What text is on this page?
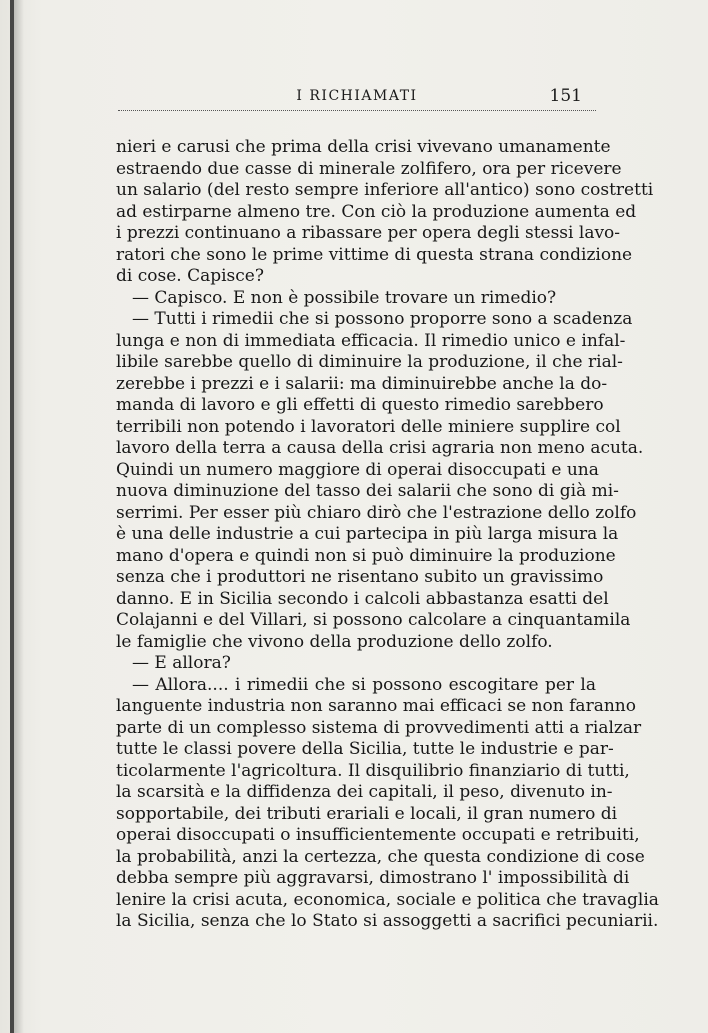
I RICHIAMATI	151
nieri e carusi che prima della crisi vivevano umanamente
estraendo due casse di minerale zolfifero, ora per ricevere
un salario (del resto sempre inferiore all'antico) sono costretti
ad estirparne almeno tre. Con ciò la produzione aumenta ed
i prezzi continuano a ribassare per opera degli stessi lavo-
ratori che sono le prime vittime di questa strana condizione
di cose. Capisce?
— Capisco. E non è possibile trovare un rimedio?
— Tutti i rimedii che si possono proporre sono a scadenza
lunga e non di immediata efficacia. Il rimedio unico e infal-
libile sarebbe quello di diminuire la produzione, il che rial-
zerebbe i prezzi e i salarii: ma diminuirebbe anche la do-
manda di lavoro e gli effetti di questo rimedio sarebbero
terribili non potendo i lavoratori delle miniere supplire col
lavoro della terra a causa della crisi agraria non meno acuta.
Quindi un numero maggiore di operai disoccupati e una
nuova diminuzione del tasso dei salarii che sono di già mi-
serrimi. Per esser più chiaro dirò che l'estrazione dello zolfo
è una delle industrie a cui partecipa in più larga misura la
mano d'opera e quindi non si può diminuire la produzione
senza che i produttori ne risentano subito un gravissimo
danno. E in Sicilia secondo i calcoli abbastanza esatti del
Colajanni e del Villari, si possono calcolare a cinquantamila
le famiglie che vivono della produzione dello zolfo.
— E allora?
— Allora.... i rimedii che si possono escogitare per la
languente industria non saranno mai efficaci se non faranno
parte di un complesso sistema di provvedimenti atti a rialzar
tutte le classi povere della Sicilia, tutte le industrie e par-
ticolarmente l'agricoltura. Il disquilibrio finanziario di tutti,
la scarsità e la diffidenza dei capitali, il peso, divenuto in-
sopportabile, dei tributi erariali e locali, il gran numero di
operai disoccupati o insufficientemente occupati e retribuiti,
la probabilità, anzi la certezza, che questa condizione di cose
debba sempre più aggravarsi, dimostrano l' impossibilità di
lenire la crisi acuta, economica, sociale e politica che travaglia
la Sicilia, senza che lo Stato si assoggetti a sacrifici pecuniarii.
